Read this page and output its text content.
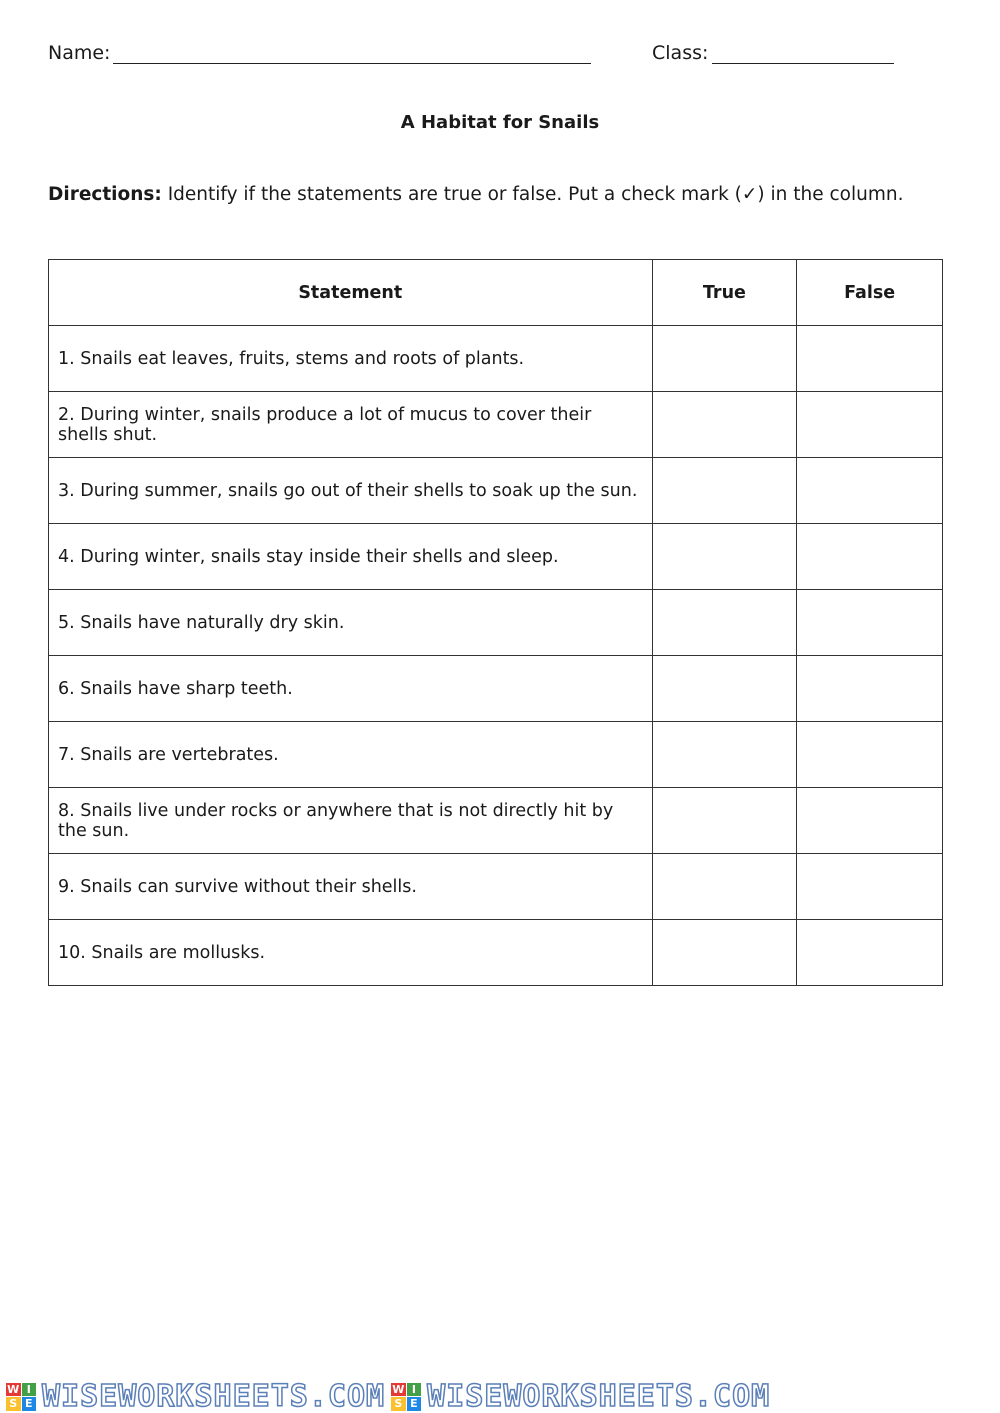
Name:	Class:
A Habitat for Snails
Directions: Identify if the statements are true or false. Put a check mark (✓) in the column.
Statement	True	False
1. Snails eat leaves, fruits, stems and roots of plants.		
2. During winter, snails produce a lot of mucus to cover their shells shut.		
3. During summer, snails go out of their shells to soak up the sun.		
4. During winter, snails stay inside their shells and sleep.		
5. Snails have naturally dry skin.		
6. Snails have sharp teeth.		
7. Snails are vertebrates.		
8. Snails live under rocks or anywhere that is not directly hit by the sun.		
9. Snails can survive without their shells.		
10. Snails are mollusks.		
W I
S E WISEWORKSHEETS.COM W I
S E WISEWORKSHEETS.COM
